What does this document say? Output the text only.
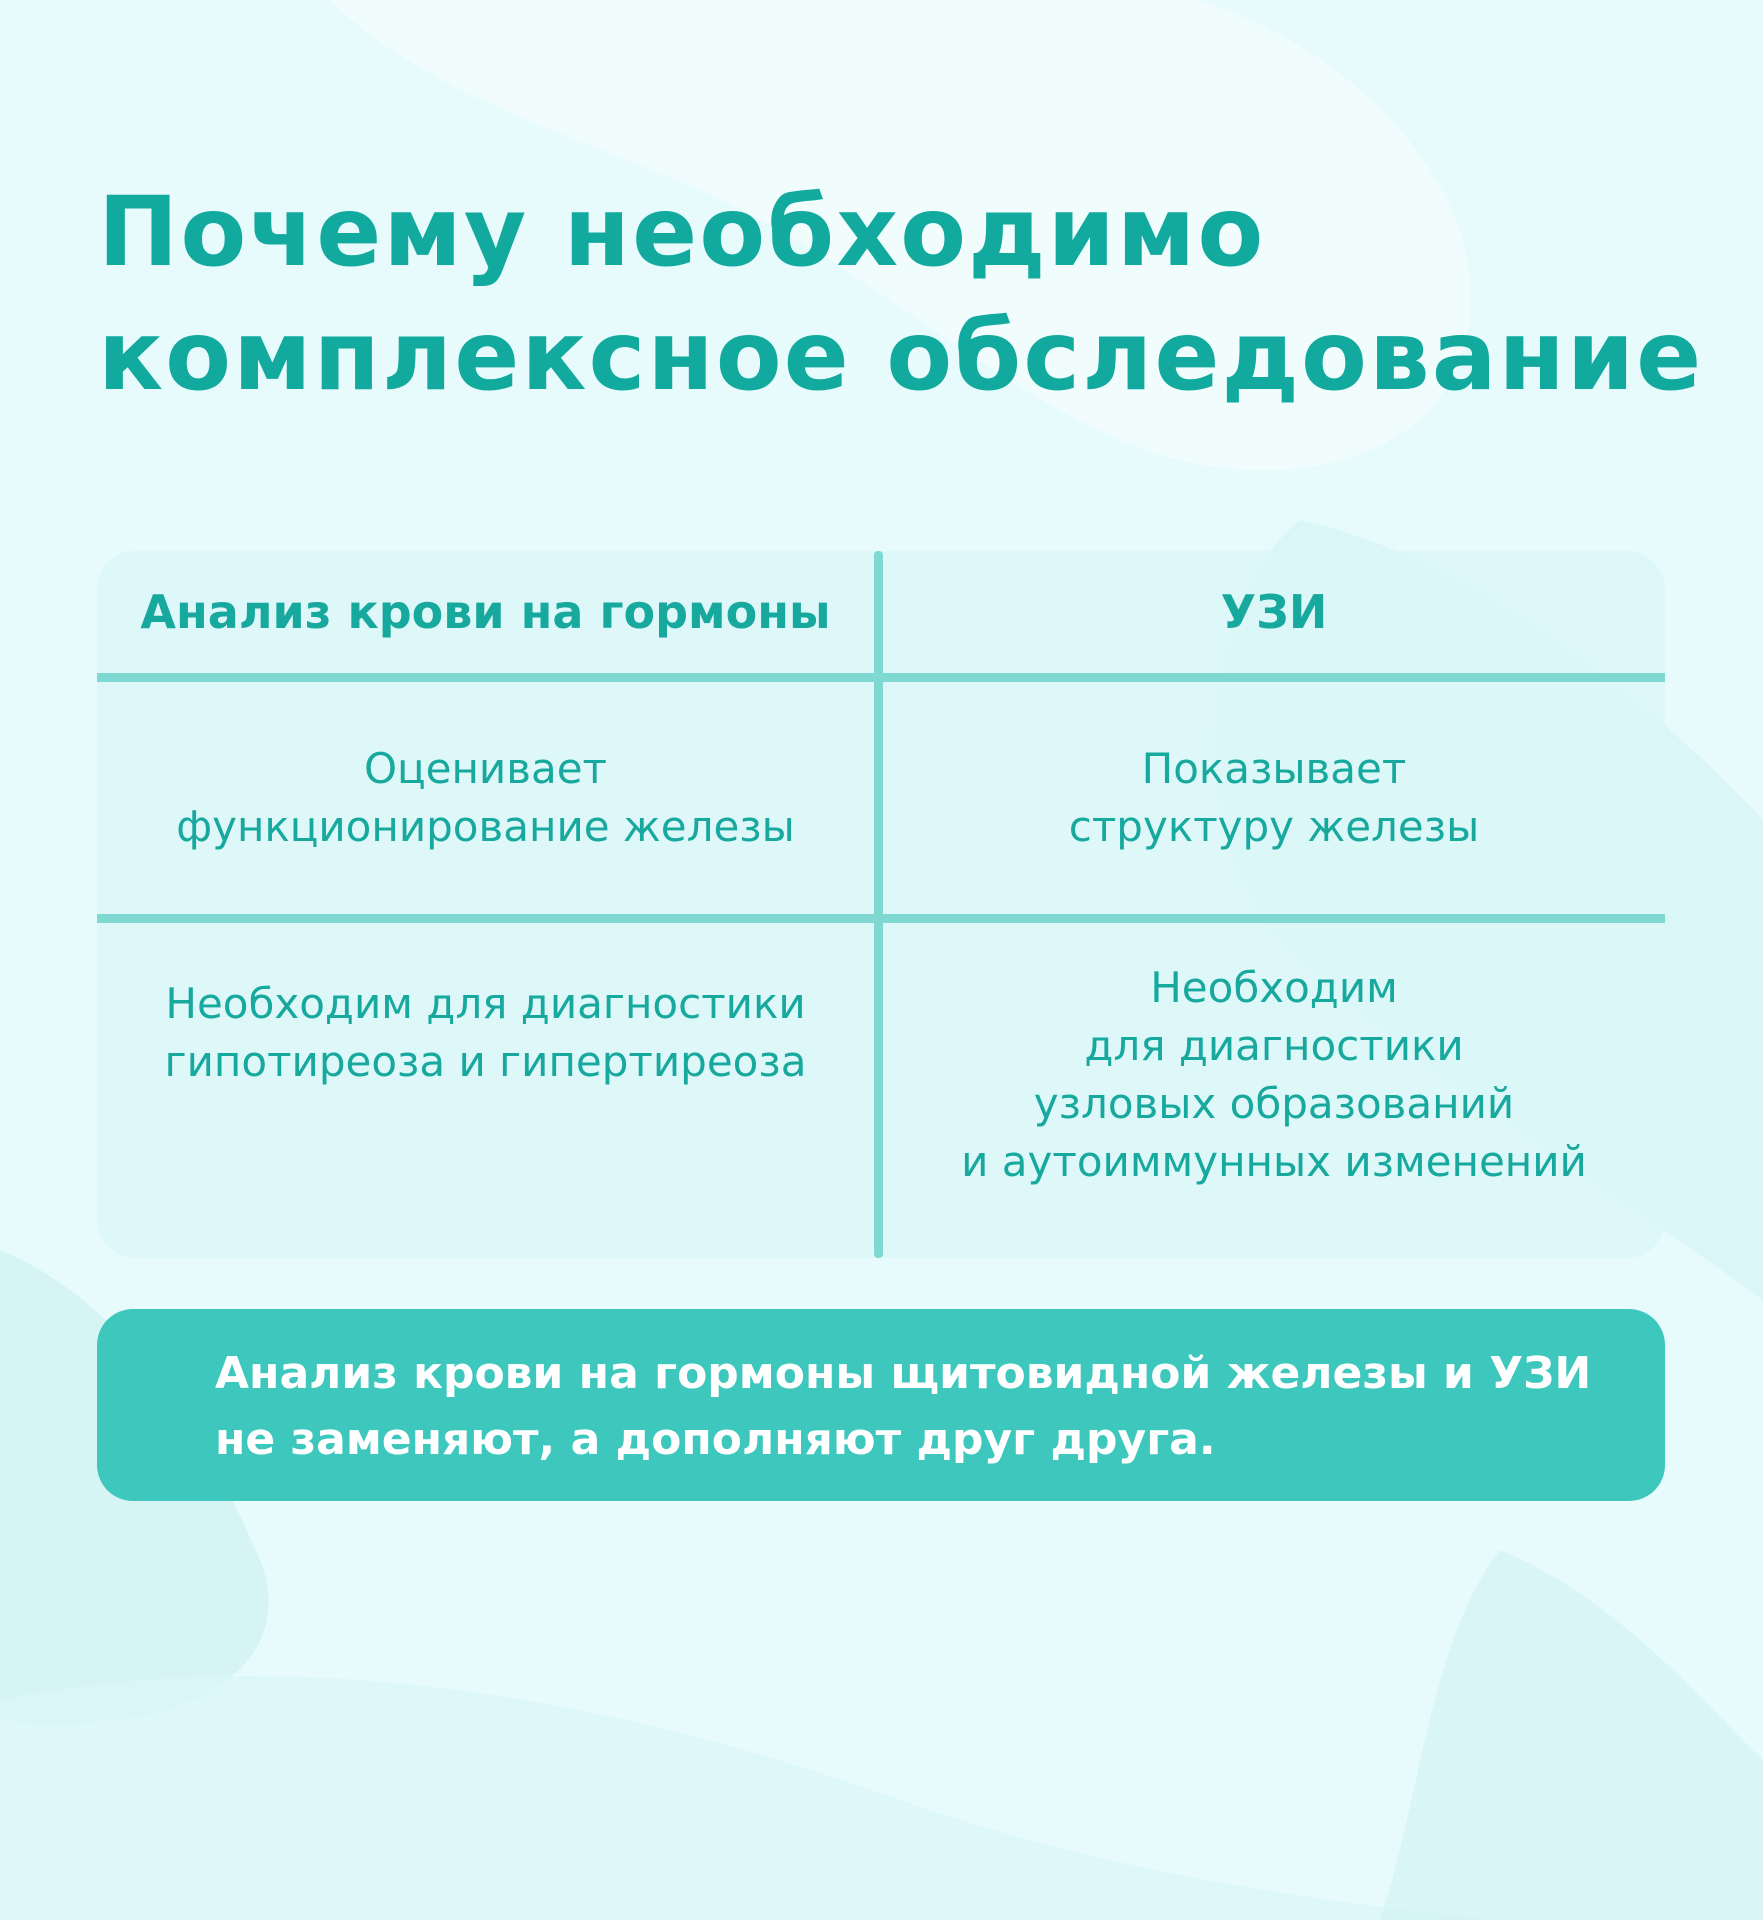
Почему необходимо
комплексное обследование
Анализ крови на гормоны	УЗИ
Оценивает
функционирование железы
Показывает
структуру железы
Необходим для диагностики
гипотиреоза и гипертиреоза
Необходим
для диагностики
узловых образований
и аутоиммунных изменений
Анализ крови на гормоны щитовидной железы и УЗИ
не заменяют, а дополняют друг друга.
